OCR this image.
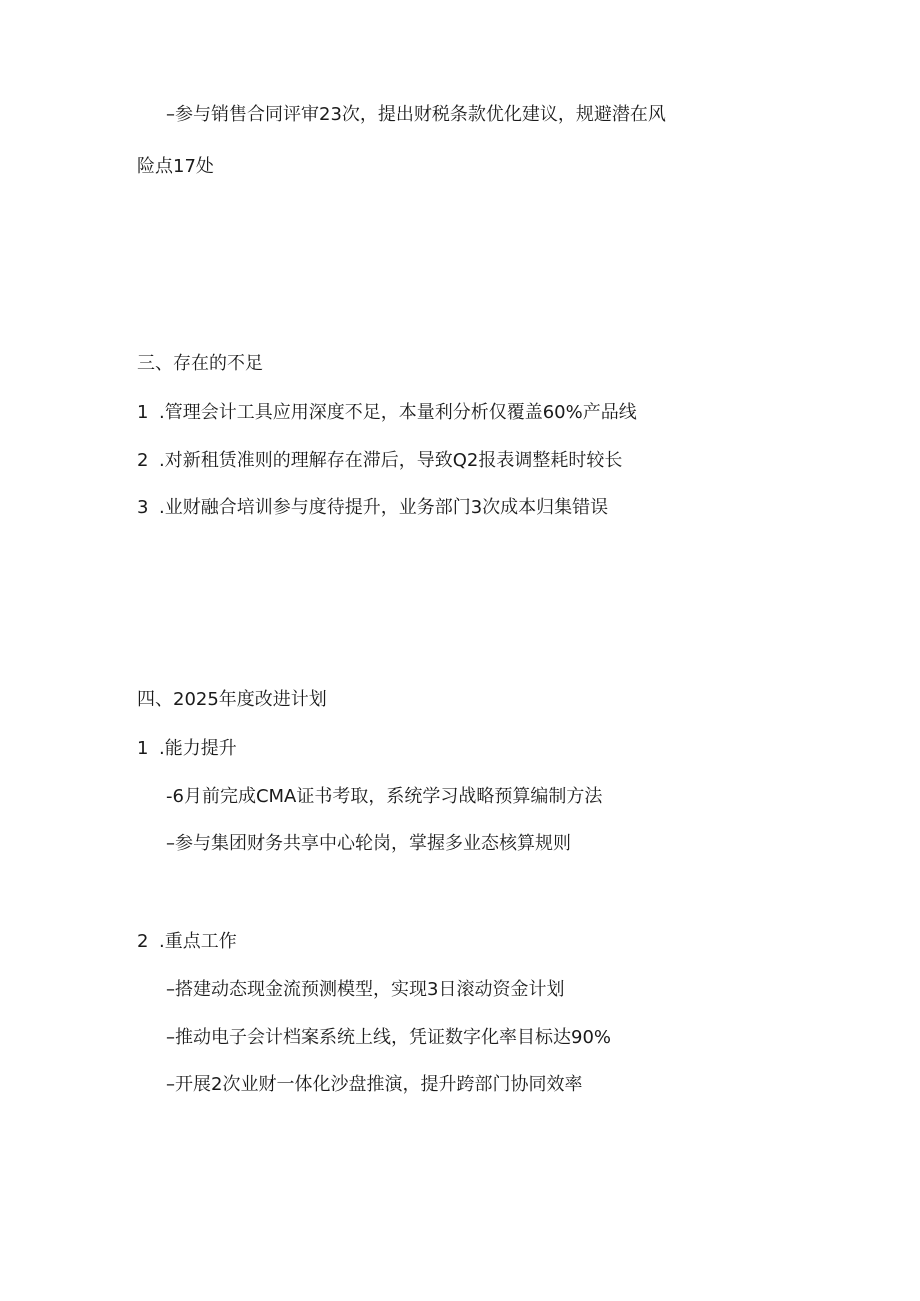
–参与销售合同评审23次，提出财税条款优化建议，规避潜在风
险点17处
三、存在的不足
1 .管理会计工具应用深度不足，本量利分析仅覆盖60%产品线
2 .对新租赁准则的理解存在滞后，导致Q2报表调整耗时较长
3 .业财融合培训参与度待提升，业务部门3次成本归集错误
四、2025年度改进计划
1 .能力提升
-6月前完成CMA证书考取，系统学习战略预算编制方法
–参与集团财务共享中心轮岗，掌握多业态核算规则
2 .重点工作
–搭建动态现金流预测模型，实现3日滚动资金计划
–推动电子会计档案系统上线，凭证数字化率目标达90%
–开展2次业财一体化沙盘推演，提升跨部门协同效率
